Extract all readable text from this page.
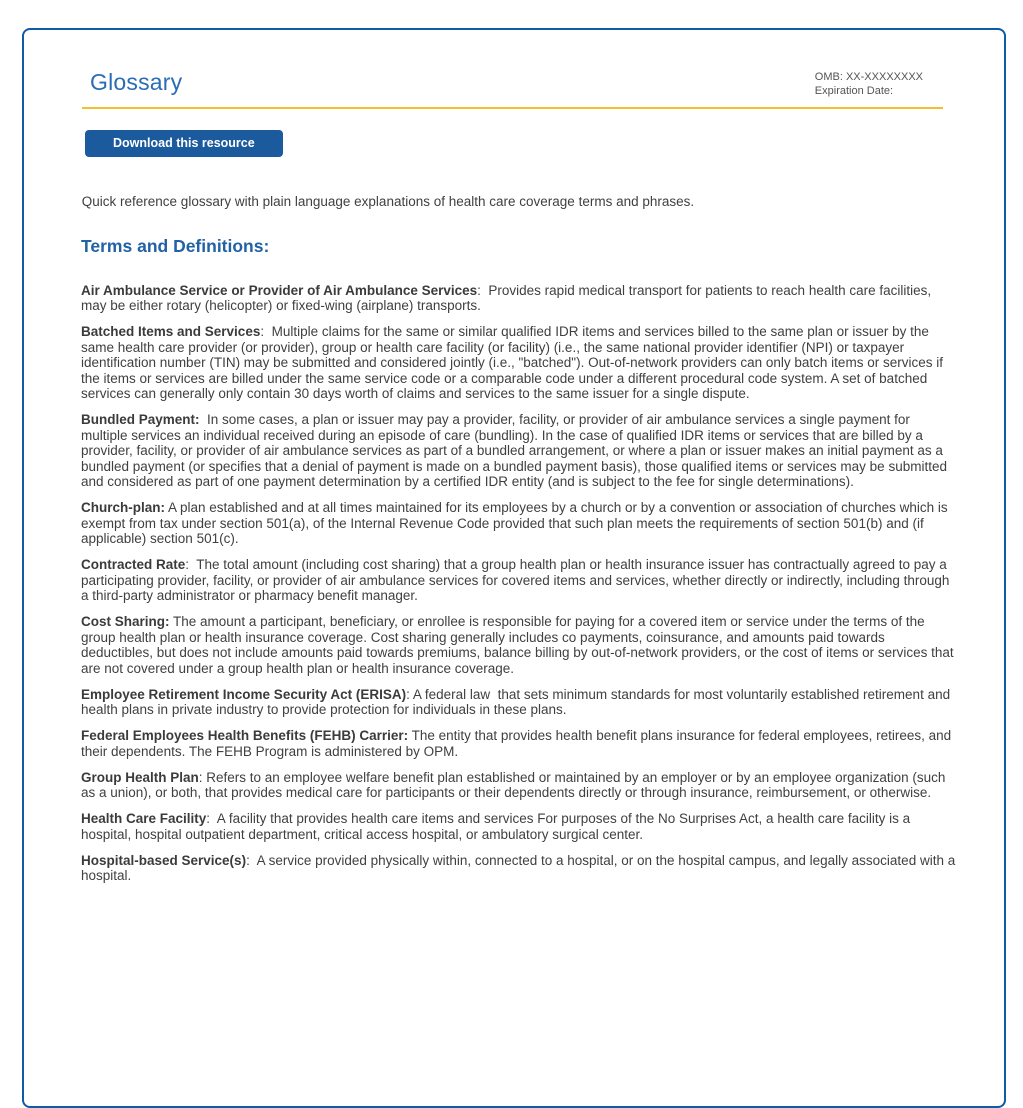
Glossary	OMB: XX-XXXXXXXX
Expiration Date:
Download this resource

Quick reference glossary with plain language explanations of health care coverage terms and phrases.

Terms and Definitions:

Air Ambulance Service or Provider of Air Ambulance Services:  Provides rapid medical transport for patients to reach health care facilities, may be either rotary (helicopter) or fixed-wing (airplane) transports.

Batched Items and Services:  Multiple claims for the same or similar qualified IDR items and services billed to the same plan or issuer by the same health care provider (or provider), group or health care facility (or facility) (i.e., the same national provider identifier (NPI) or taxpayer identification number (TIN) may be submitted and considered jointly (i.e., "batched"). Out-of-network providers can only batch items or services if the items or services are billed under the same service code or a comparable code under a different procedural code system. A set of batched services can generally only contain 30 days worth of claims and services to the same issuer for a single dispute.

Bundled Payment:  In some cases, a plan or issuer may pay a provider, facility, or provider of air ambulance services a single payment for multiple services an individual received during an episode of care (bundling). In the case of qualified IDR items or services that are billed by a provider, facility, or provider of air ambulance services as part of a bundled arrangement, or where a plan or issuer makes an initial payment as a bundled payment (or specifies that a denial of payment is made on a bundled payment basis), those qualified items or services may be submitted and considered as part of one payment determination by a certified IDR entity (and is subject to the fee for single determinations).

Church-plan: A plan established and at all times maintained for its employees by a church or by a convention or association of churches which is exempt from tax under section 501(a), of the Internal Revenue Code provided that such plan meets the requirements of section 501(b) and (if applicable) section 501(c).

Contracted Rate:  The total amount (including cost sharing) that a group health plan or health insurance issuer has contractually agreed to pay a participating provider, facility, or provider of air ambulance services for covered items and services, whether directly or indirectly, including through a third-party administrator or pharmacy benefit manager.

Cost Sharing: The amount a participant, beneficiary, or enrollee is responsible for paying for a covered item or service under the terms of the group health plan or health insurance coverage. Cost sharing generally includes co payments, coinsurance, and amounts paid towards deductibles, but does not include amounts paid towards premiums, balance billing by out-of-network providers, or the cost of items or services that are not covered under a group health plan or health insurance coverage.

Employee Retirement Income Security Act (ERISA): A federal law  that sets minimum standards for most voluntarily established retirement and health plans in private industry to provide protection for individuals in these plans.

Federal Employees Health Benefits (FEHB) Carrier: The entity that provides health benefit plans insurance for federal employees, retirees, and their dependents. The FEHB Program is administered by OPM.

Group Health Plan: Refers to an employee welfare benefit plan established or maintained by an employer or by an employee organization (such as a union), or both, that provides medical care for participants or their dependents directly or through insurance, reimbursement, or otherwise.

Health Care Facility:  A facility that provides health care items and services For purposes of the No Surprises Act, a health care facility is a hospital, hospital outpatient department, critical access hospital, or ambulatory surgical center.

Hospital-based Service(s):  A service provided physically within, connected to a hospital, or on the hospital campus, and legally associated with a hospital.
